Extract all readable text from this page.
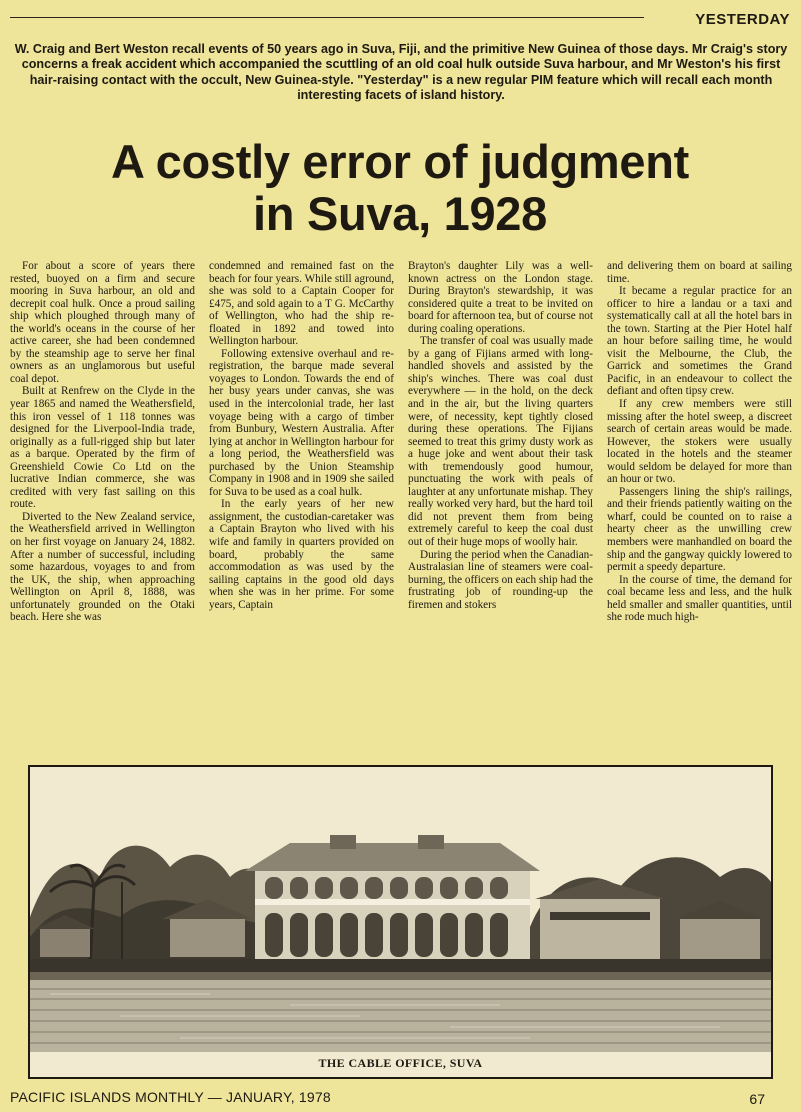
YESTERDAY
W. Craig and Bert Weston recall events of 50 years ago in Suva, Fiji, and the primitive New Guinea of those days. Mr Craig's story concerns a freak accident which accompanied the scuttling of an old coal hulk outside Suva harbour, and Mr Weston's his first hair-raising contact with the occult, New Guinea-style. "Yesterday" is a new regular PIM feature which will recall each month interesting facets of island history.
A costly error of judgment
in Suva, 1928

For about a score of years there rested, buoyed on a firm and secure mooring in Suva harbour, an old and decrepit coal hulk. Once a proud sailing ship which ploughed through many of the world's oceans in the course of her active career, she had been condemned by the steamship age to serve her final owners as an unglamorous but useful coal depot.

Built at Renfrew on the Clyde in the year 1865 and named the Weathersfield, this iron vessel of 1 118 tonnes was designed for the Liverpool-India trade, originally as a full-rigged ship but later as a barque. Operated by the firm of Greenshield Cowie Co Ltd on the lucrative Indian commerce, she was credited with very fast sailing on this route.

Diverted to the New Zealand service, the Weathersfield arrived in Wellington on her first voyage on January 24, 1882. After a number of successful, including some hazardous, voyages to and from the UK, the ship, when approaching Wellington on April 8, 1888, was unfortunately grounded on the Otaki beach. Here she was

condemned and remained fast on the beach for four years. While still aground, she was sold to a Captain Cooper for £475, and sold again to a T G. McCarthy of Wellington, who had the ship re-floated in 1892 and towed into Wellington harbour.

Following extensive overhaul and re-registration, the barque made several voyages to London. Towards the end of her busy years under canvas, she was used in the intercolonial trade, her last voyage being with a cargo of timber from Bunbury, Western Australia. After lying at anchor in Wellington harbour for a long period, the Weathersfield was purchased by the Union Steamship Company in 1908 and in 1909 she sailed for Suva to be used as a coal hulk.

In the early years of her new assignment, the custodian-caretaker was a Captain Brayton who lived with his wife and family in quarters provided on board, probably the same accommodation as was used by the sailing captains in the good old days when she was in her prime. For some years, Captain

Brayton's daughter Lily was a well-known actress on the London stage. During Brayton's stewardship, it was considered quite a treat to be invited on board for afternoon tea, but of course not during coaling operations.

The transfer of coal was usually made by a gang of Fijians armed with long-handled shovels and assisted by the ship's winches. There was coal dust everywhere — in the hold, on the deck and in the air, but the living quarters were, of necessity, kept tightly closed during these operations. The Fijians seemed to treat this grimy dusty work as a huge joke and went about their task with tremendously good humour, punctuating the work with peals of laughter at any unfortunate mishap. They really worked very hard, but the hard toil did not prevent them from being extremely careful to keep the coal dust out of their huge mops of woolly hair.

During the period when the Canadian-Australasian line of steamers were coal-burning, the officers on each ship had the frustrating job of rounding-up the firemen and stokers

and delivering them on board at sailing time.

It became a regular practice for an officer to hire a landau or a taxi and systematically call at all the hotel bars in the town. Starting at the Pier Hotel half an hour before sailing time, he would visit the Melbourne, the Club, the Garrick and sometimes the Grand Pacific, in an endeavour to collect the defiant and often tipsy crew.

If any crew members were still missing after the hotel sweep, a discreet search of certain areas would be made. However, the stokers were usually located in the hotels and the steamer would seldom be delayed for more than an hour or two.

Passengers lining the ship's railings, and their friends patiently waiting on the wharf, could be counted on to raise a hearty cheer as the unwilling crew members were manhandled on board the ship and the gangway quickly lowered to permit a speedy departure.

In the course of time, the demand for coal became less and less, and the hulk held smaller and smaller quantities, until she rode much high-

THE CABLE OFFICE, SUVA
PACIFIC ISLANDS MONTHLY — JANUARY, 1978	67
